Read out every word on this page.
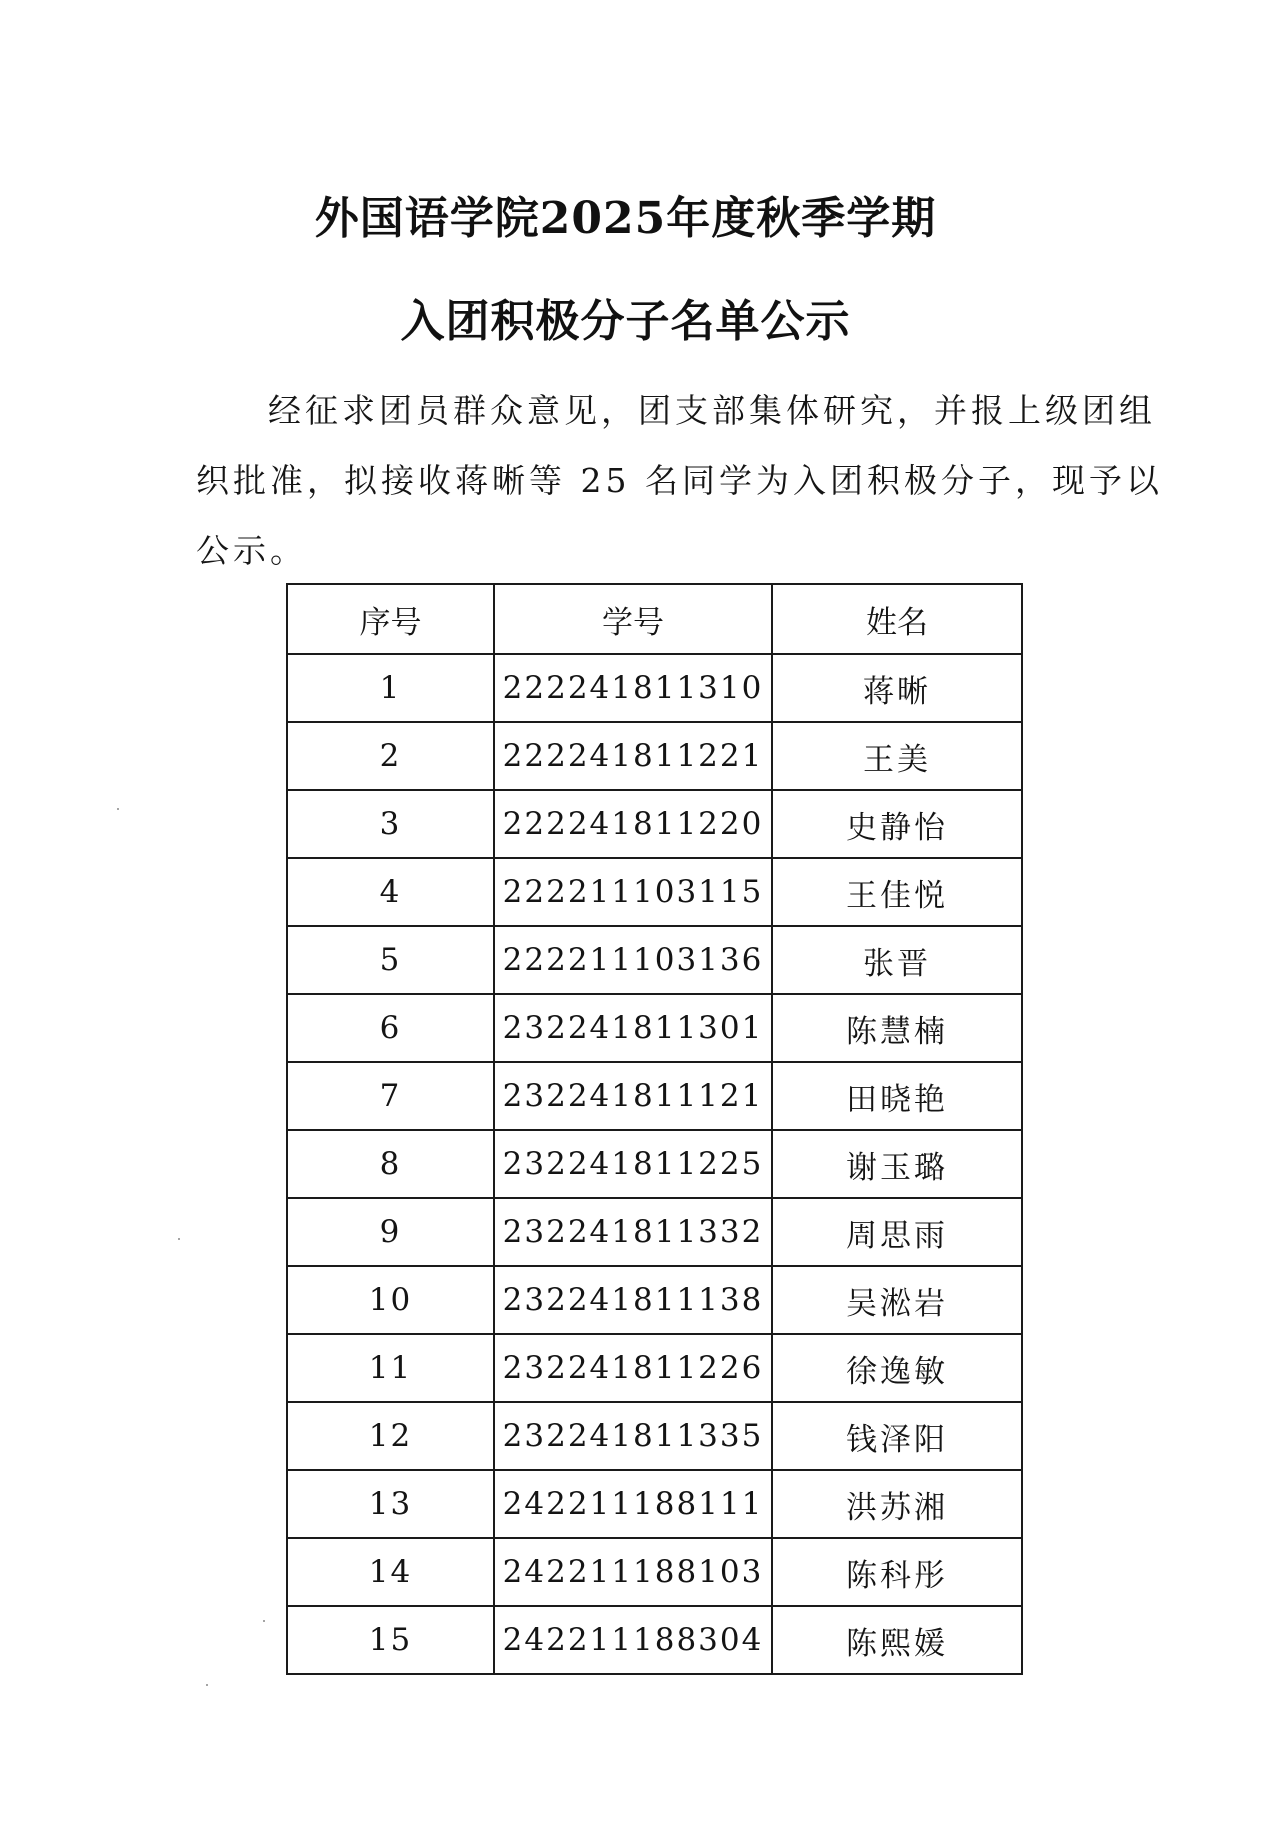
外国语学院2025年度秋季学期
入团积极分子名单公示
经征求团员群众意见，团支部集体研究，并报上级团组
织批准，拟接收蒋晰等 25 名同学为入团积极分子，现予以
公示。
序号	学号	姓名
1	222241811310	蒋晰
2	222241811221	王美
3	222241811220	史静怡
4	222211103115	王佳悦
5	222211103136	张晋
6	232241811301	陈慧楠
7	232241811121	田晓艳
8	232241811225	谢玉璐
9	232241811332	周思雨
10	232241811138	吴淞岩
11	232241811226	徐逸敏
12	232241811335	钱泽阳
13	242211188111	洪苏湘
14	242211188103	陈科彤
15	242211188304	陈熙媛
